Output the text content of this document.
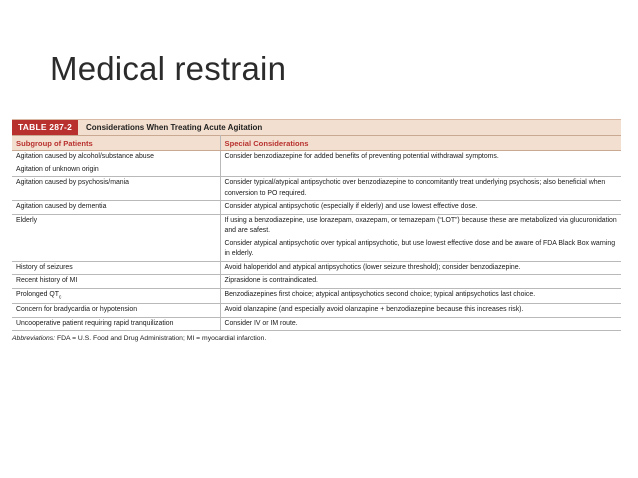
Medical restrain
TABLE 287-2	Considerations When Treating Acute Agitation
Subgroup of Patients	Special Considerations
Agitation caused by alcohol/substance abuse	Consider benzodiazepine for added benefits of preventing potential withdrawal symptoms.
Agitation of unknown origin	
Agitation caused by psychosis/mania	Consider typical/atypical antipsychotic over benzodiazepine to concomitantly treat underlying psychosis; also beneficial when conversion to PO required.
Agitation caused by dementia	Consider atypical antipsychotic (especially if elderly) and use lowest effective dose.
Elderly	If using a benzodiazepine, use lorazepam, oxazepam, or temazepam (“LOT”) because these are metabolized via glucuronidation and are safest.
Consider atypical antipsychotic over typical antipsychotic, but use lowest effective dose and be aware of FDA Black Box warning in elderly.

History of seizures	Avoid haloperidol and atypical antipsychotics (lower seizure threshold); consider benzodiazepine.
Recent history of MI	Ziprasidone is contraindicated.
Prolonged $QT_c$	Benzodiazepines first choice; atypical antipsychotics second choice; typical antipsychotics last choice.
Concern for bradycardia or hypotension	Avoid olanzapine (and especially avoid olanzapine + benzodiazepine because this increases risk).
Uncooperative patient requiring rapid tranquilization	Consider IV or IM route.
Abbreviations: FDA = U.S. Food and Drug Administration; MI = myocardial infarction.
